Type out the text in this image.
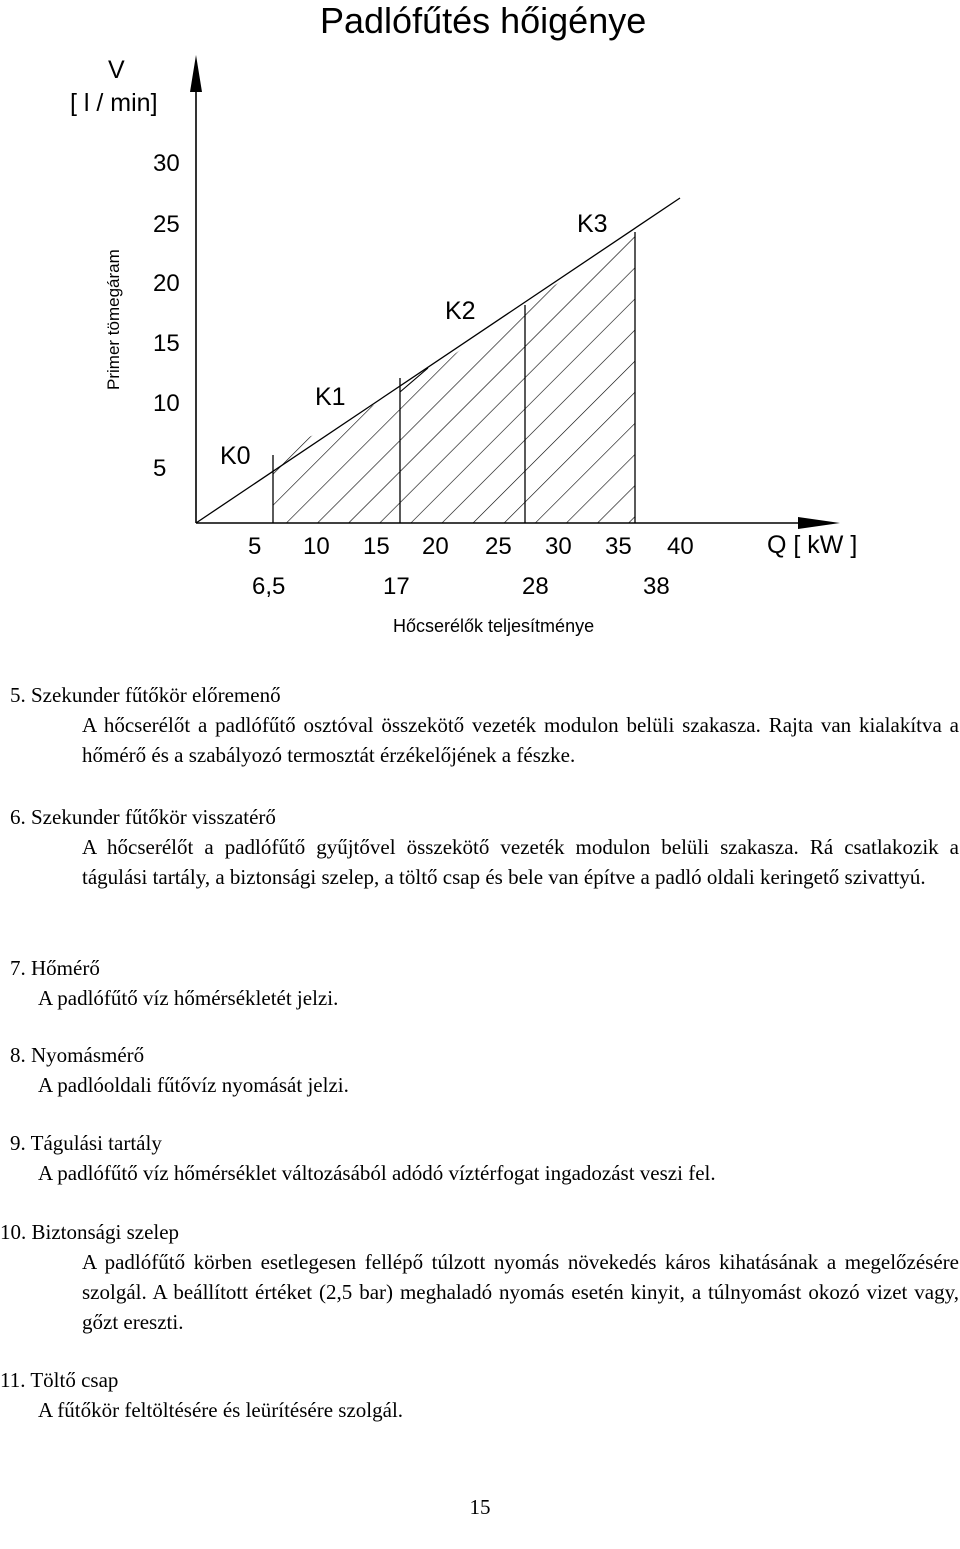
Padlófűtés hőigénye
V
[ l / min]
Primer tömegáram
30
25
20
15
10
5 K0
K1
K2
K3
5 10 15 20 25 30 35 40	Q [ kW ]
6,5	17	28	38
Hőcserélők teljesítménye
5. Szekunder fűtőkör előremenő
A hőcserélőt a padlófűtő osztóval összekötő vezeték modulon belüli szakasza. Rajta van kialakítva a hőmérő és a szabályozó termosztát érzékelőjének a fészke.
6. Szekunder fűtőkör visszatérő
A hőcserélőt a padlófűtő gyűjtővel összekötő vezeték modulon belüli szakasza. Rá csatlakozik a tágulási tartály, a biztonsági szelep, a töltő csap és bele van építve a padló oldali keringető szivattyú.
7. Hőmérő
A padlófűtő víz hőmérsékletét jelzi.
8. Nyomásmérő
A padlóoldali fűtővíz nyomását jelzi.
9. Tágulási tartály
A padlófűtő víz hőmérséklet változásából adódó víztérfogat ingadozást veszi fel.
10. Biztonsági szelep
A padlófűtő körben esetlegesen fellépő túlzott nyomás növekedés káros kihatásának a megelőzésére szolgál. A beállított értéket (2,5 bar) meghaladó nyomás esetén kinyit, a túlnyomást okozó vizet vagy, gőzt ereszti.
11. Töltő csap
A fűtőkör feltöltésére és leürítésére szolgál.
15
